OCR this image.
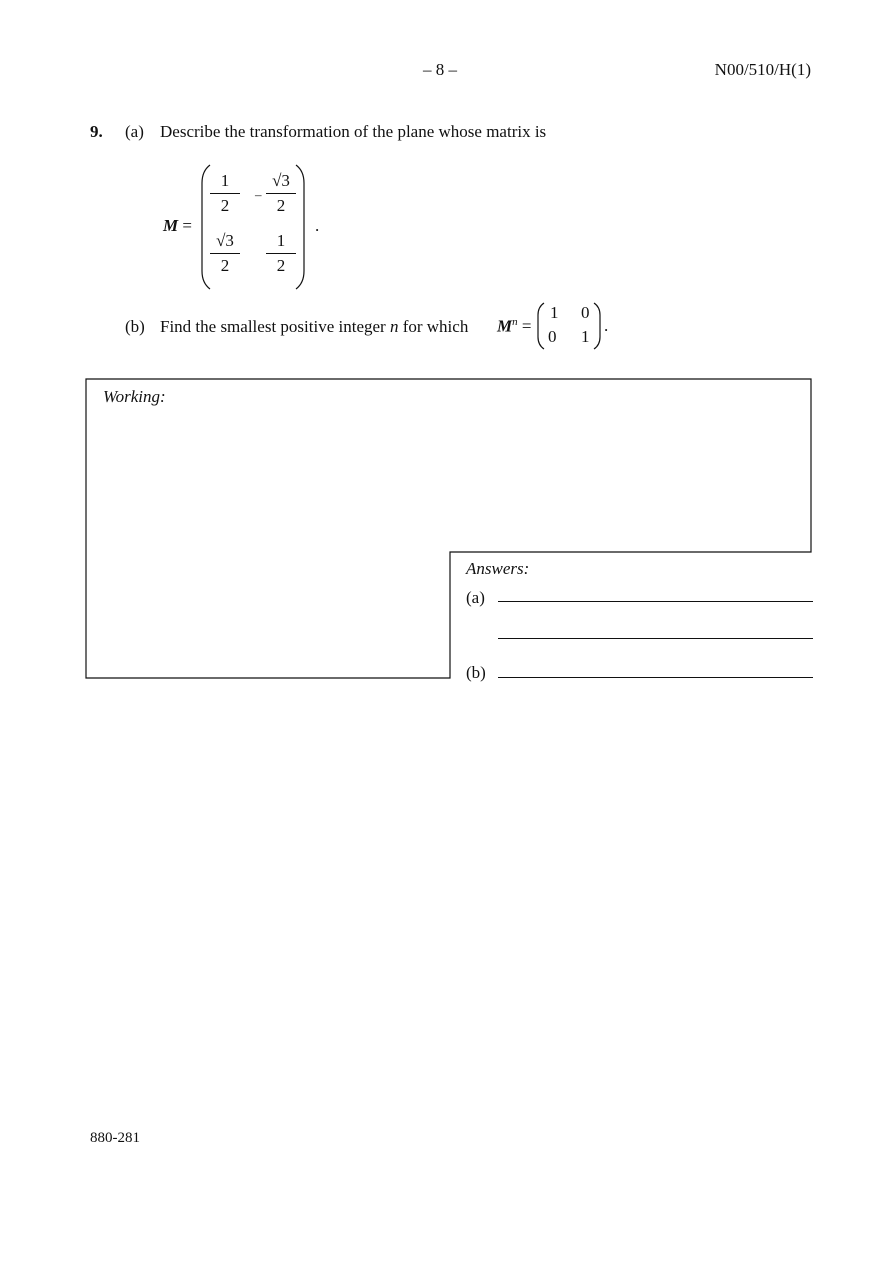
– 8 –	N00/510/H(1)
9. (a) Describe the transformation of the plane whose matrix is
M =
1
2
–
√3
2
√3
2
1
2
.
(b) Find the smallest positive integer n for which $M^n$ =
1 0
0 1
.
Working:
Answers:
(a)
(b)
880-281
